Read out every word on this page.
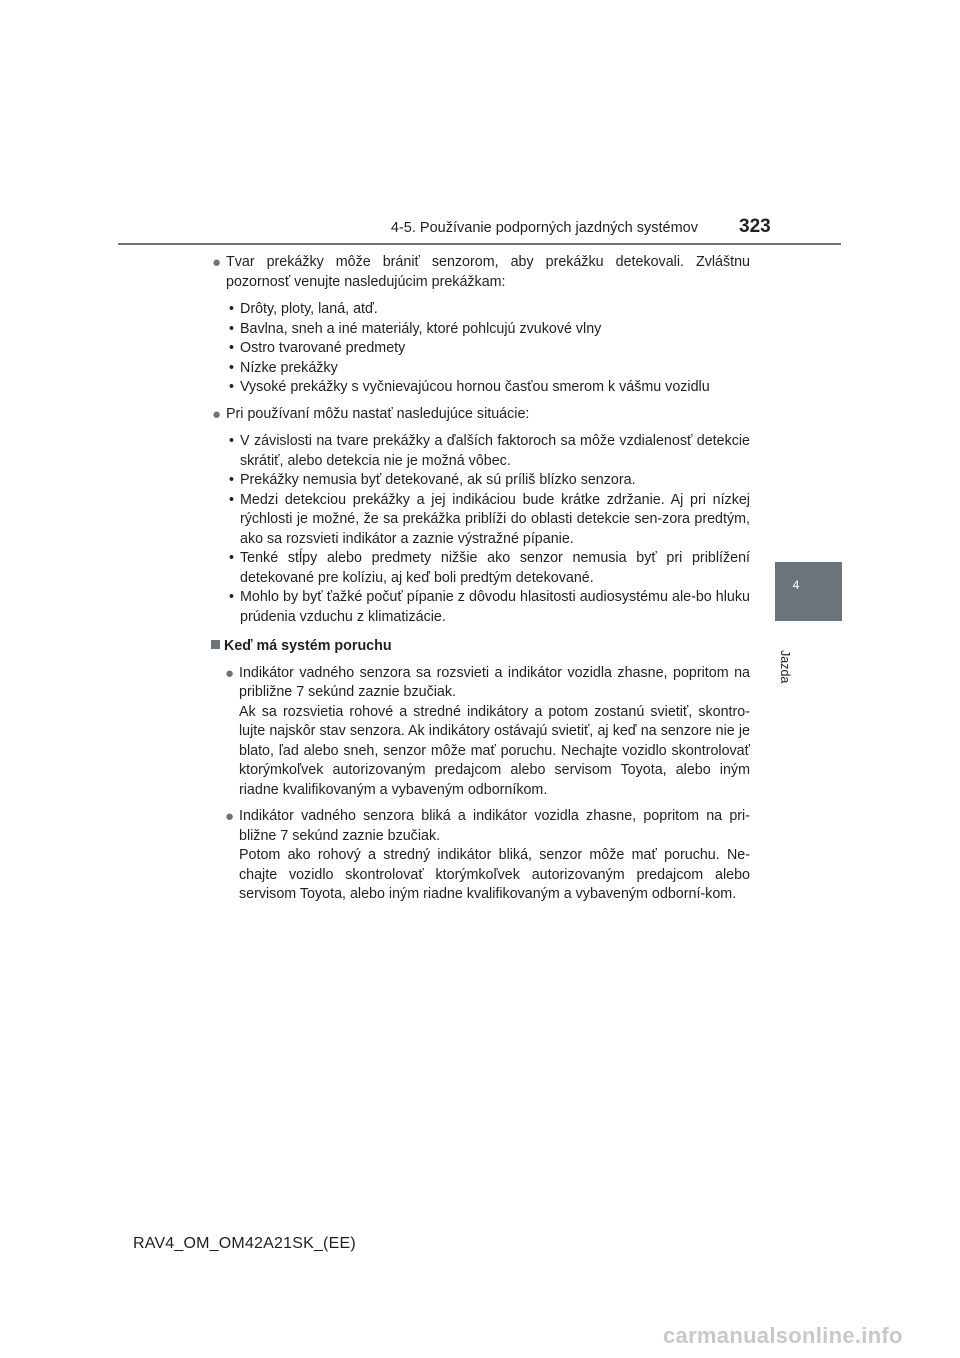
4-5. Používanie podporných jazdných systémov 323
4
Jazda
● Tvar prekážky môže brániť senzorom, aby prekážku detekovali. Zvláštnu pozornosť venujte nasledujúcim prekážkam:
• Drôty, ploty, laná, atď.
• Bavlna, sneh a iné materiály, ktoré pohlcujú zvukové vlny
• Ostro tvarované predmety
• Nízke prekážky
• Vysoké prekážky s vyčnievajúcou hornou časťou smerom k vášmu vozidlu
● Pri používaní môžu nastať nasledujúce situácie:
• V závislosti na tvare prekážky a ďalších faktoroch sa môže vzdialenosť detekcie skrátiť, alebo detekcia nie je možná vôbec.
• Prekážky nemusia byť detekované, ak sú príliš blízko senzora.
• Medzi detekciou prekážky a jej indikáciou bude krátke zdržanie. Aj pri nízkej rýchlosti je možné, že sa prekážka priblíži do oblasti detekcie sen-zora predtým, ako sa rozsvieti indikátor a zaznie výstražné pípanie.
• Tenké stĺpy alebo predmety nižšie ako senzor nemusia byť pri priblížení detekované pre kolíziu, aj keď boli predtým detekované.
• Mohlo by byť ťažké počuť pípanie z dôvodu hlasitosti audiosystému ale-bo hluku prúdenia vzduchu z klimatizácie.
Keď má systém poruchu
● Indikátor vadného senzora sa rozsvieti a indikátor vozidla zhasne, popritom na približne 7 sekúnd zaznie bzučiak.
Ak sa rozsvietia rohové a stredné indikátory a potom zostanú svietiť, skontro-lujte najskôr stav senzora. Ak indikátory ostávajú svietiť, aj keď na senzore nie je blato, ľad alebo sneh, senzor môže mať poruchu. Nechajte vozidlo skontrolovať ktorýmkoľvek autorizovaným predajcom alebo servisom Toyota, alebo iným riadne kvalifikovaným a vybaveným odborníkom.
● Indikátor vadného senzora bliká a indikátor vozidla zhasne, popritom na pri-bližne 7 sekúnd zaznie bzučiak.
Potom ako rohový a stredný indikátor bliká, senzor môže mať poruchu. Ne-chajte vozidlo skontrolovať ktorýmkoľvek autorizovaným predajcom alebo servisom Toyota, alebo iným riadne kvalifikovaným a vybaveným odborní-kom.
RAV4_OM_OM42A21SK_(EE)
carmanualsonline.info
